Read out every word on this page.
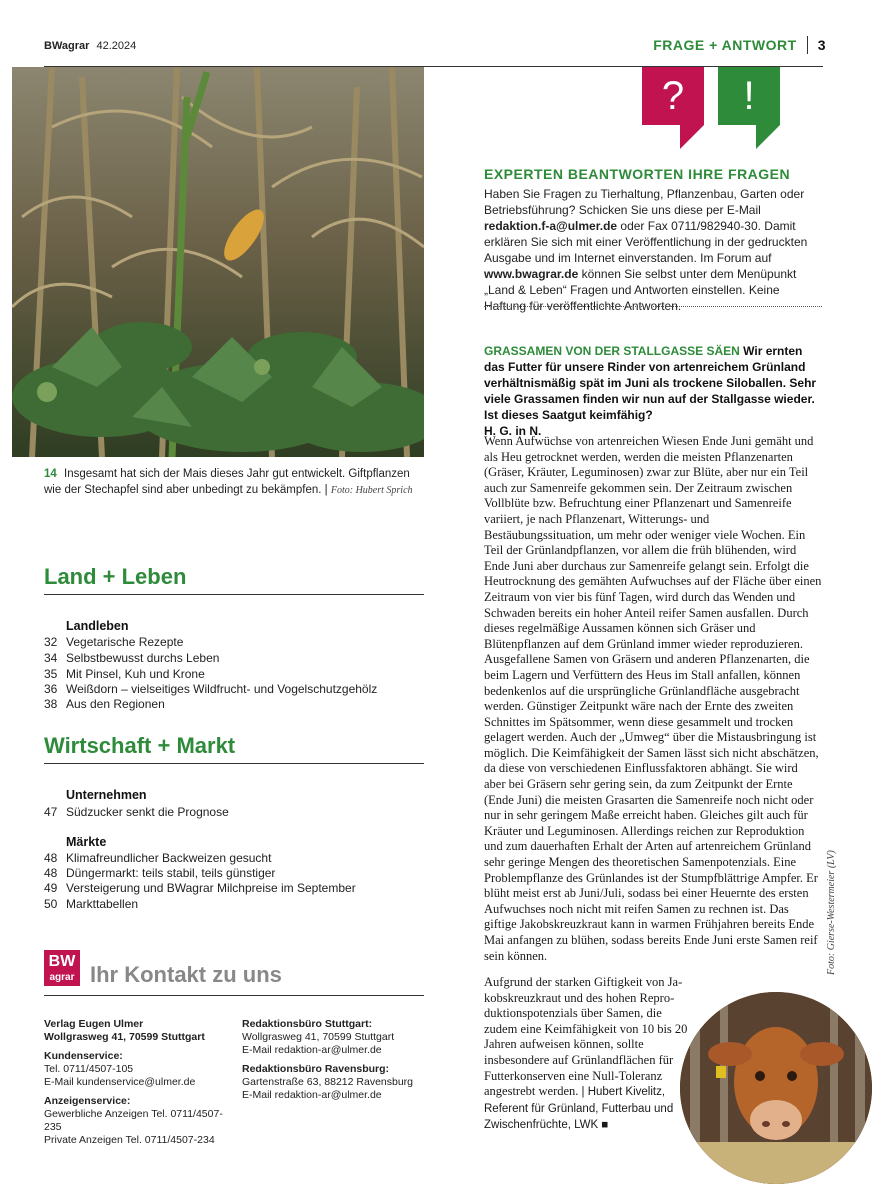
BWagrar 42.2024	FRAGE + ANTWORT 3
14 Insgesamt hat sich der Mais dieses Jahr gut entwickelt. Giftpflanzen wie der Stechapfel sind aber unbedingt zu bekämpfen. | Foto: Hubert Sprich
Land + Leben
Landleben
32 Vegetarische Rezepte
34 Selbstbewusst durchs Leben
35 Mit Pinsel, Kuh und Krone
36 Weißdorn – vielseitiges Wildfrucht- und Vogelschutzgehölz
38 Aus den Regionen
Wirtschaft + Markt
Unternehmen
47 Südzucker senkt die Prognose
Märkte
48 Klimafreundlicher Backweizen gesucht
48 Düngermarkt: teils stabil, teils günstiger
49 Versteigerung und BWagrar Milchpreise im September
50 Markttabellen
BW
agrar Ihr Kontakt zu uns
Verlag Eugen Ulmer
Wollgrasweg 41, 70599 Stuttgart
Kundenservice:
Tel. 0711/4507-105
E-Mail kundenservice@ulmer.de
Anzeigenservice:
Gewerbliche Anzeigen Tel. 0711/4507-235
Private Anzeigen Tel. 0711/4507-234
Redaktionsbüro Stuttgart:
Wollgrasweg 41, 70599 Stuttgart
E-Mail redaktion-ar@ulmer.de
Redaktionsbüro Ravensburg:
Gartenstraße 63, 88212 Ravensburg
E-Mail redaktion-ar@ulmer.de
?	!
EXPERTEN BEANTWORTEN IHRE FRAGEN
Haben Sie Fragen zu Tierhaltung, Pflanzenbau, Garten oder Betriebsführung? Schicken Sie uns diese per E-Mail redaktion.f-a@ulmer.de oder Fax 0711/982940-30. Damit erklären Sie sich mit einer Veröffentlichung in der gedruckten Ausgabe und im Internet einverstanden. Im Forum auf www.bwagrar.de können Sie selbst unter dem Menüpunkt „Land & Leben“ Fragen und Antworten einstellen. Keine Haftung für veröffentlichte Antworten.
GRASSAMEN VON DER STALLGASSE SÄEN Wir ernten das Futter für unsere Rinder von artenreichem Grünland verhältnismäßig spät im Juni als trockene Siloballen. Sehr viele Grassamen finden wir nun auf der Stallgasse wieder. Ist dieses Saatgut keimfähig?
H. G. in N.
Wenn Aufwüchse von artenreichen Wiesen Ende Juni gemäht und als Heu getrocknet werden, werden die meisten Pflanzenarten (Gräser, Kräuter, Leguminosen) zwar zur Blüte, aber nur ein Teil auch zur Samenreife gekommen sein. Der Zeitraum zwischen Vollblüte bzw. Befruchtung einer Pflanzenart und Samenreife variiert, je nach Pflanzenart, Witterungs- und Bestäubungssituation, um mehr oder weniger viele Wochen. Ein Teil der Grünlandpflanzen, vor allem die früh blühenden, wird Ende Juni aber durchaus zur Samenreife gelangt sein. Erfolgt die Heutrocknung des gemähten Aufwuchses auf der Fläche über einen Zeitraum von vier bis fünf Tagen, wird durch das Wenden und Schwaden bereits ein hoher Anteil reifer Samen ausfallen. Durch dieses regelmäßige Aussamen können sich Gräser und Blütenpflanzen auf dem Grünland immer wieder reproduzieren. Ausgefallene Samen von Gräsern und anderen Pflanzenarten, die beim Lagern und Verfüttern des Heus im Stall anfallen, können bedenkenlos auf die ursprüngliche Grünlandfläche ausgebracht werden. Günstiger Zeitpunkt wäre nach der Ernte des zweiten Schnittes im Spätsommer, wenn diese gesammelt und trocken gelagert werden. Auch der „Umweg“ über die Mistausbringung ist möglich. Die Keimfähigkeit der Samen lässt sich nicht abschätzen, da diese von verschiedenen Einflussfaktoren abhängt. Sie wird aber bei Gräsern sehr gering sein, da zum Zeitpunkt der Ernte (Ende Juni) die meisten Grasarten die Samenreife noch nicht oder nur in sehr geringem Maße erreicht haben. Gleiches gilt auch für Kräuter und Leguminosen. Allerdings reichen zur Reproduktion und zum dauerhaften Erhalt der Arten auf artenreichem Grünland sehr geringe Mengen des theoretischen Samenpotenzials. Eine Problempflanze des Grünlandes ist der Stumpfblättrige Ampfer. Er blüht meist erst ab Juni/Juli, sodass bei einer Heuernte des ersten Aufwuchses noch nicht mit reifen Samen zu rechnen ist. Das giftige Jakobskreuzkraut kann in warmen Frühjahren bereits Ende Mai anfangen zu blühen, sodass bereits Ende Juni erste Samen reif sein können.
Aufgrund der starken Giftigkeit von Jakobskreuzkraut und des hohen Reproduktionspotenzials über Samen, die zudem eine Keimfähigkeit von 10 bis 20 Jahren aufweisen können, sollte insbesondere auf Grünlandflächen für Futterkonserven eine Null-Toleranz angestrebt werden. | Hubert Kivelitz, Referent für Grünland, Futterbau und Zwischenfrüchte, LWK ■
Foto: Gierse-Westermeier (LV)
